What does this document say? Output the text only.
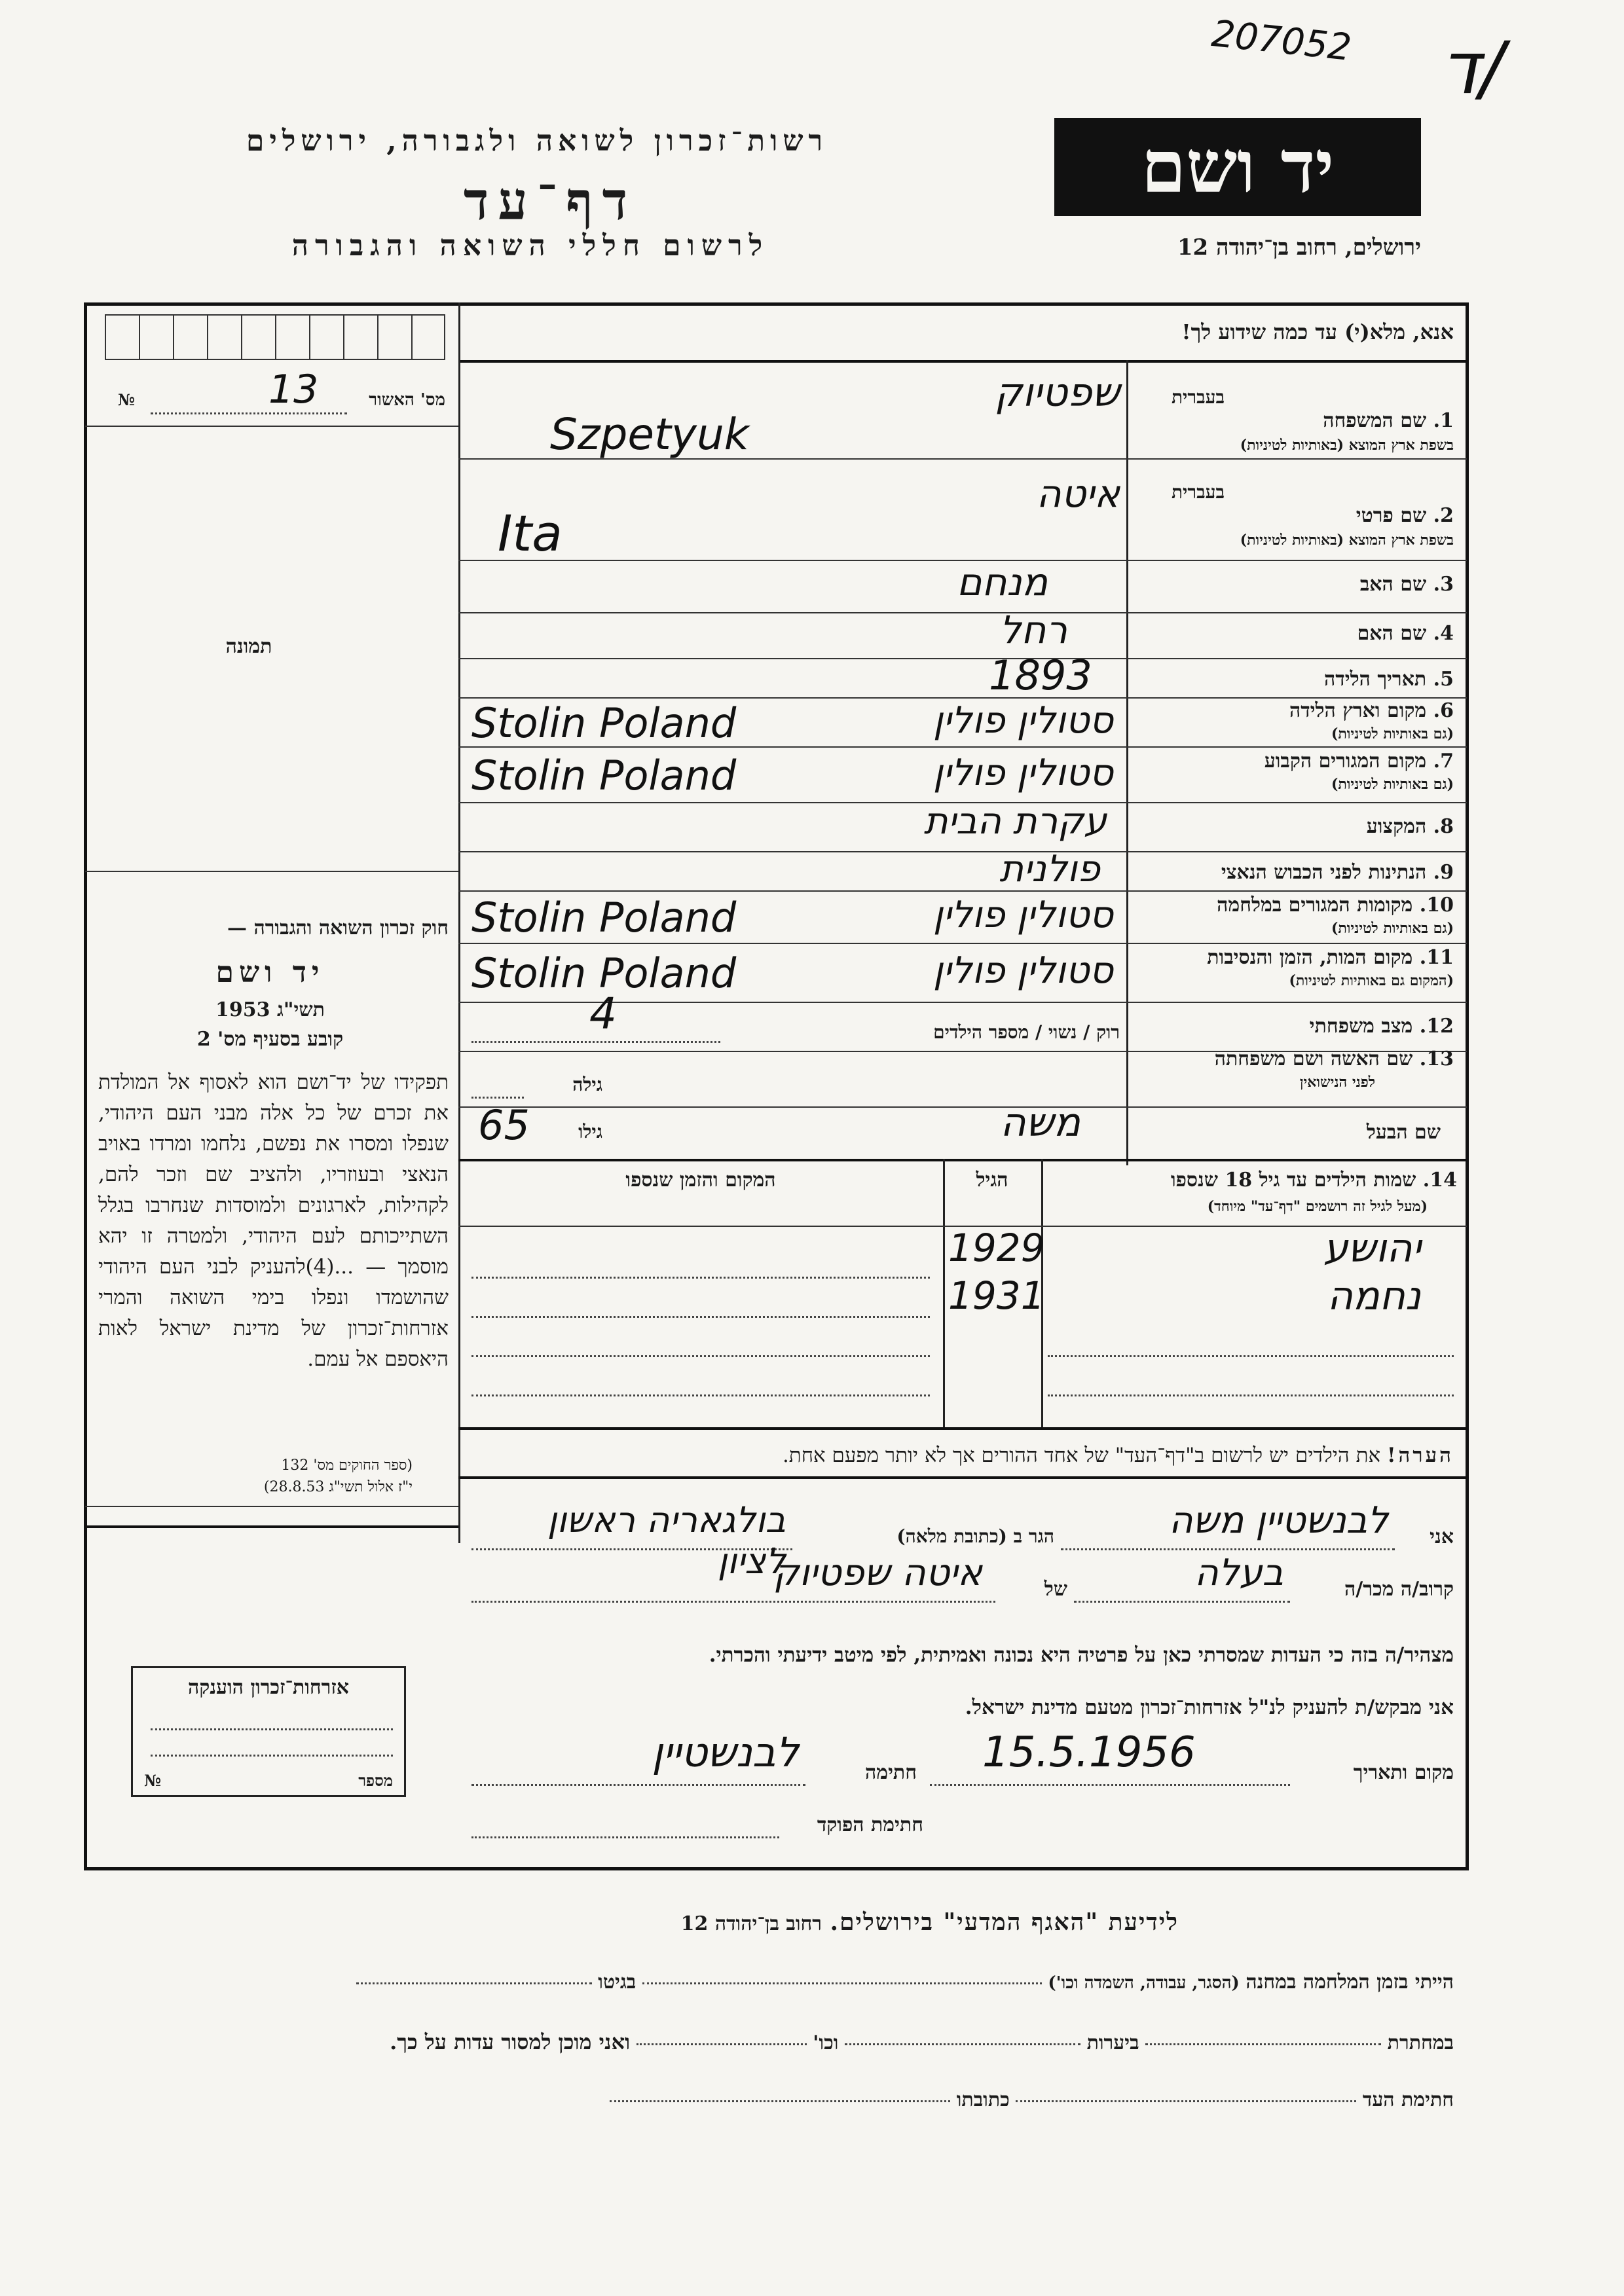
207052 ד/
רשות־זכרון לשואה ולגבורה, ירושלים
דף־עד
לרשום חללי השואה והגבורה
יד ושם
ירושלים, רחוב בן־יהודה 12
אנא, מלא(י) עד כמה שידוע לך!
מס' האשור
№	13
תמונה
חוק זכרון השואה והגבורה —
יד ושם
תשי"ג 1953
קובע בסעיף מס' 2
תפקידו של יד־ושם הוא לאסוף אל המולדת את זכרם של כל אלה מבני העם היהודי, שנפלו ומסרו את נפשם, נלחמו ומרדו באויב הנאצי ובעוזריו, ולהציב שם וזכר להם, לקהילות, לארגונים ולמוסדות שנחרבו בגלל השתייכותם לעם היהודי, ולמטרה זו יהא מוסמך — ...(4)להעניק לבני העם היהודי שהושמדו ונפלו בימי השואה והמרי אזרחות־זכרון של מדינת ישראל לאות היאספם אל עמם.
(ספר החוקים מס' 132
י"ז אלול תשי"ג 28.8.53)
אזרחות־זכרון הוענקה
מספר
№
בעברית
1. שם המשפחה
בשפת ארץ המוצא (באותיות לטיניות)
שפטיוק
Szpetyuk
בעברית
2. שם פרטי
בשפת ארץ המוצא (באותיות לטיניות)
איטה
Ita
3. שם האב
מנחם
4. שם האם
רחל
5. תאריך הלידה
1893
6. מקום וארץ הלידה
(גם באותיות לטיניות)
סטולין פולין
Stolin Poland
7. מקום המגורים הקבוע
(גם באותיות לטיניות)
סטולין פולין
Stolin Poland
8. המקצוע
עקרת הבית
9. הנתינות לפני הכבוש הנאצי
פולנית
10. מקומות המגורים במלחמה
(גם באותיות לטיניות)
סטולין פולין
Stolin Poland
11. מקום המות, הזמן והנסיבות
(המקום גם באותיות לטיניות)
סטולין פולין
Stolin Poland
12. מצב משפחתי
רוק / נשוי / מספר הילדים
4
13. שם האשה ושם משפחתה
לפני הנישואין
גילה
שם הבעל
משה
גילו
65
14. שמות הילדים עד גיל 18 שנספו
(מעל לגיל זה רושמים "דף־עד" מיוחד)
הגיל
המקום והזמן שנספו
יהושע
1929
נחמה
1931
הערה! את הילדים יש לרשום ב"דף־העד" של אחד ההורים אך לא יותר מפעם אחת.
אני
לבנשטיין משה
הגר ב (כתובת מלאה)
בולגאריה ראשון לציון
קרוב/ה מכר/ה
בעלה
של
איטה שפטיוק
מצהיר/ה בזה כי העדות שמסרתי כאן על פרטיה היא נכונה ואמיתית, לפי מיטב ידיעתי והכרתי.
אני מבקש/ת להעניק לנ"ל אזרחות־זכרון מטעם מדינת ישראל.
מקום ותאריך
15.5.1956
חתימה
לבנשטיין
חתימת הפוקד
לידיעת "האגף המדעי" בירושלים. רחוב בן־יהודה 12
הייתי בזמן המלחמה במחנה (הסגר, עבודה, השמדה וכו')  בגיטו
במחתרת  ביערות  וכו'  ואני מוכן למסור עדות על כך.
חתימת העד  כתובתו
